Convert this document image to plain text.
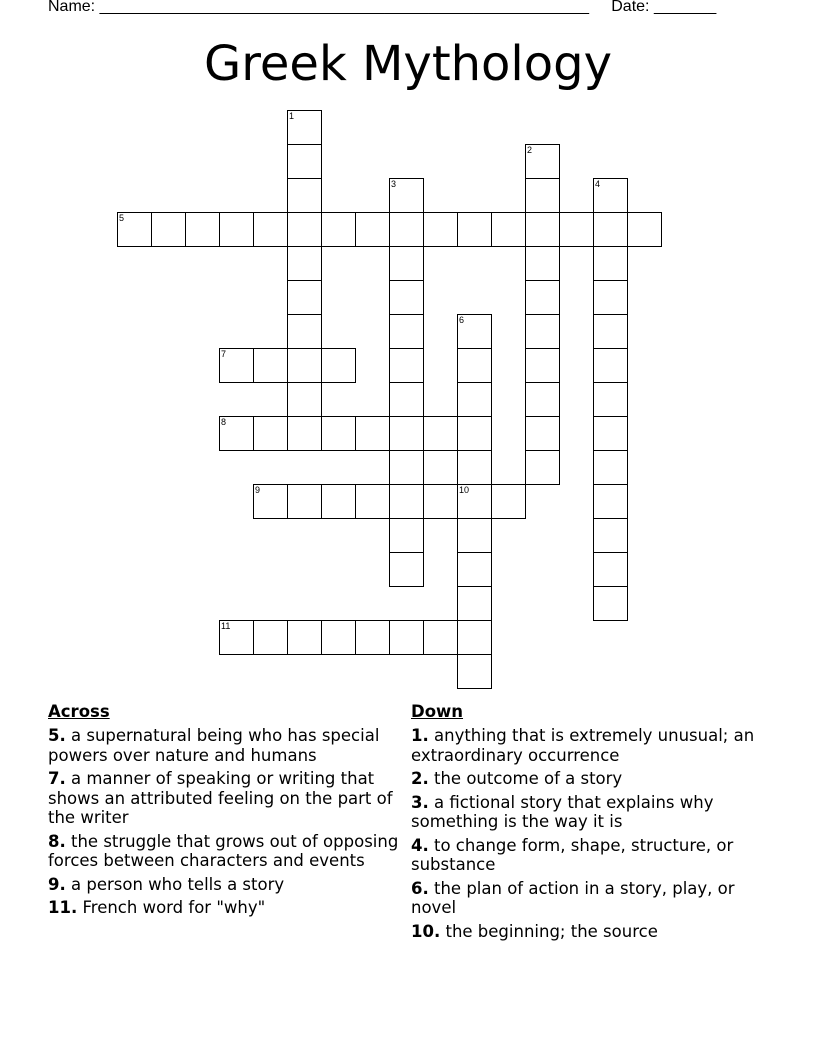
Name: _______________________________________________________ Date: _______
Greek Mythology
1
2
3	4
5
6
7
8
9	10
11
Across
5. a supernatural being who has special powers over nature and humans
7. a manner of speaking or writing that shows an attributed feeling on the part of the writer
8. the struggle that grows out of opposing forces between characters and events
9. a person who tells a story
11. French word for "why"
Down
1. anything that is extremely unusual; an extraordinary occurrence
2. the outcome of a story
3. a fictional story that explains why something is the way it is
4. to change form, shape, structure, or substance
6. the plan of action in a story, play, or novel
10. the beginning; the source
